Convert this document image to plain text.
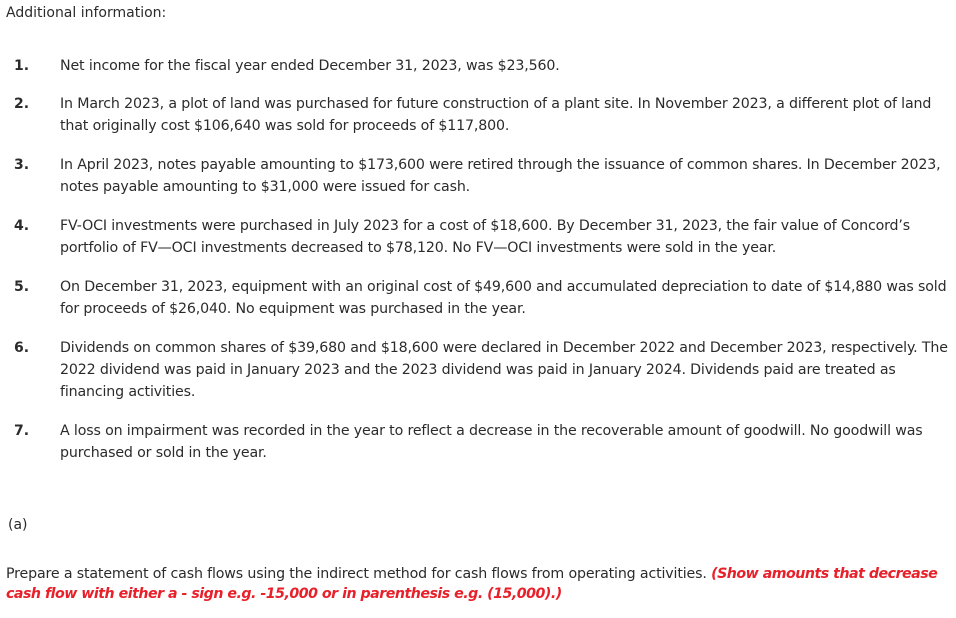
Additional information:
1. Net income for the fiscal year ended December 31, 2023, was $23,560.
2. In March 2023, a plot of land was purchased for future construction of a plant site. In November 2023, a different plot of land that originally cost $106,640 was sold for proceeds of $117,800.
3. In April 2023, notes payable amounting to $173,600 were retired through the issuance of common shares. In December 2023, notes payable amounting to $31,000 were issued for cash.
4. FV-OCI investments were purchased in July 2023 for a cost of $18,600. By December 31, 2023, the fair value of Concord’s portfolio of FV—OCI investments decreased to $78,120. No FV—OCI investments were sold in the year.
5. On December 31, 2023, equipment with an original cost of $49,600 and accumulated depreciation to date of $14,880 was sold for proceeds of $26,040. No equipment was purchased in the year.
6. Dividends on common shares of $39,680 and $18,600 were declared in December 2022 and December 2023, respectively. The 2022 dividend was paid in January 2023 and the 2023 dividend was paid in January 2024. Dividends paid are treated as financing activities.
7. A loss on impairment was recorded in the year to reflect a decrease in the recoverable amount of goodwill. No goodwill was purchased or sold in the year.
(a)
Prepare a statement of cash flows using the indirect method for cash flows from operating activities. (Show amounts that decrease cash flow with either a - sign e.g. -15,000 or in parenthesis e.g. (15,000).)
